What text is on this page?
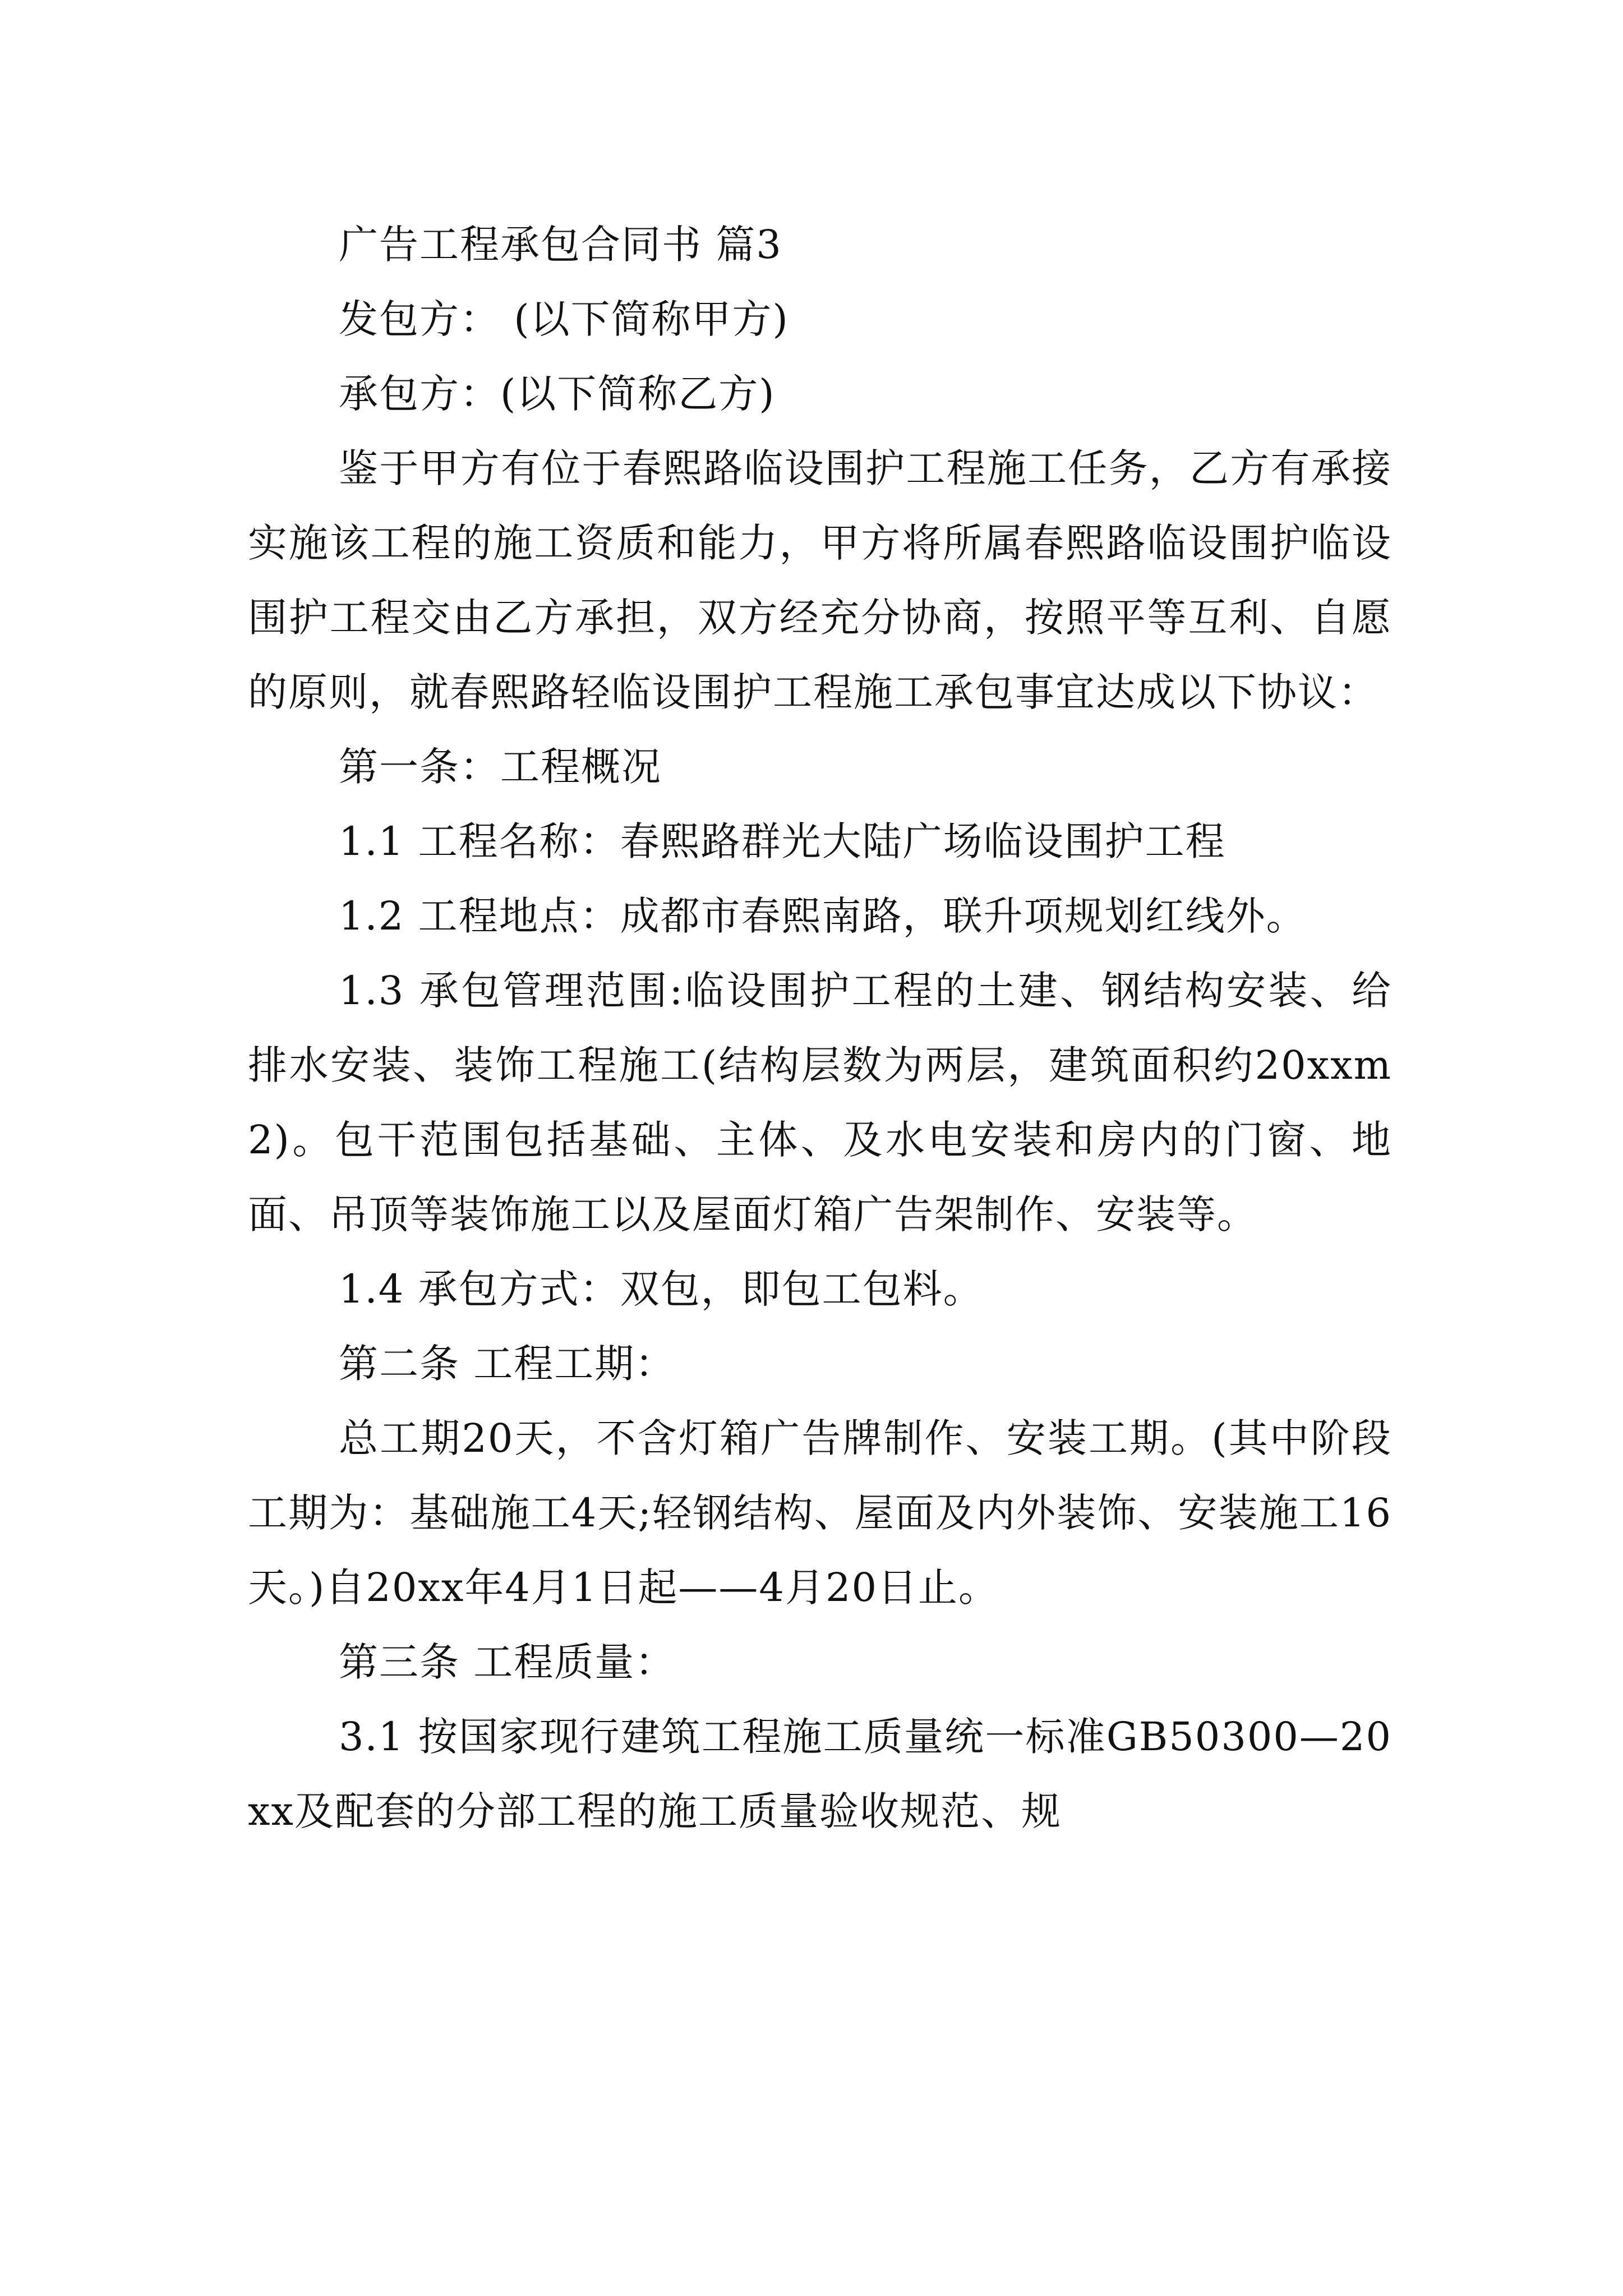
广告工程承包合同书 篇3

发包方： (以下简称甲方)

承包方：(以下简称乙方)

鉴于甲方有位于春熙路临设围护工程施工任务，乙方有承接实施该工程的施工资质和能力，甲方将所属春熙路临设围护临设围护工程交由乙方承担，双方经充分协商，按照平等互利、自愿的原则，就春熙路轻临设围护工程施工承包事宜达成以下协议：

第一条：工程概况

1.1 工程名称：春熙路群光大陆广场临设围护工程

1.2 工程地点：成都市春熙南路，联升项规划红线外。

1.3 承包管理范围:临设围护工程的土建、钢结构安装、给排水安装、装饰工程施工(结构层数为两层，建筑面积约20xxm2)。包干范围包括基础、主体、及水电安装和房内的门窗、地面、吊顶等装饰施工以及屋面灯箱广告架制作、安装等。

1.4 承包方式：双包，即包工包料。

第二条 工程工期：

总工期20天，不含灯箱广告牌制作、安装工期。(其中阶段工期为：基础施工4天;轻钢结构、屋面及内外装饰、安装施工16天。)自20xx年4月1日起——4月20日止。

第三条 工程质量：

3.1 按国家现行建筑工程施工质量统一标准GB50300—20xx及配套的分部工程的施工质量验收规范、规
